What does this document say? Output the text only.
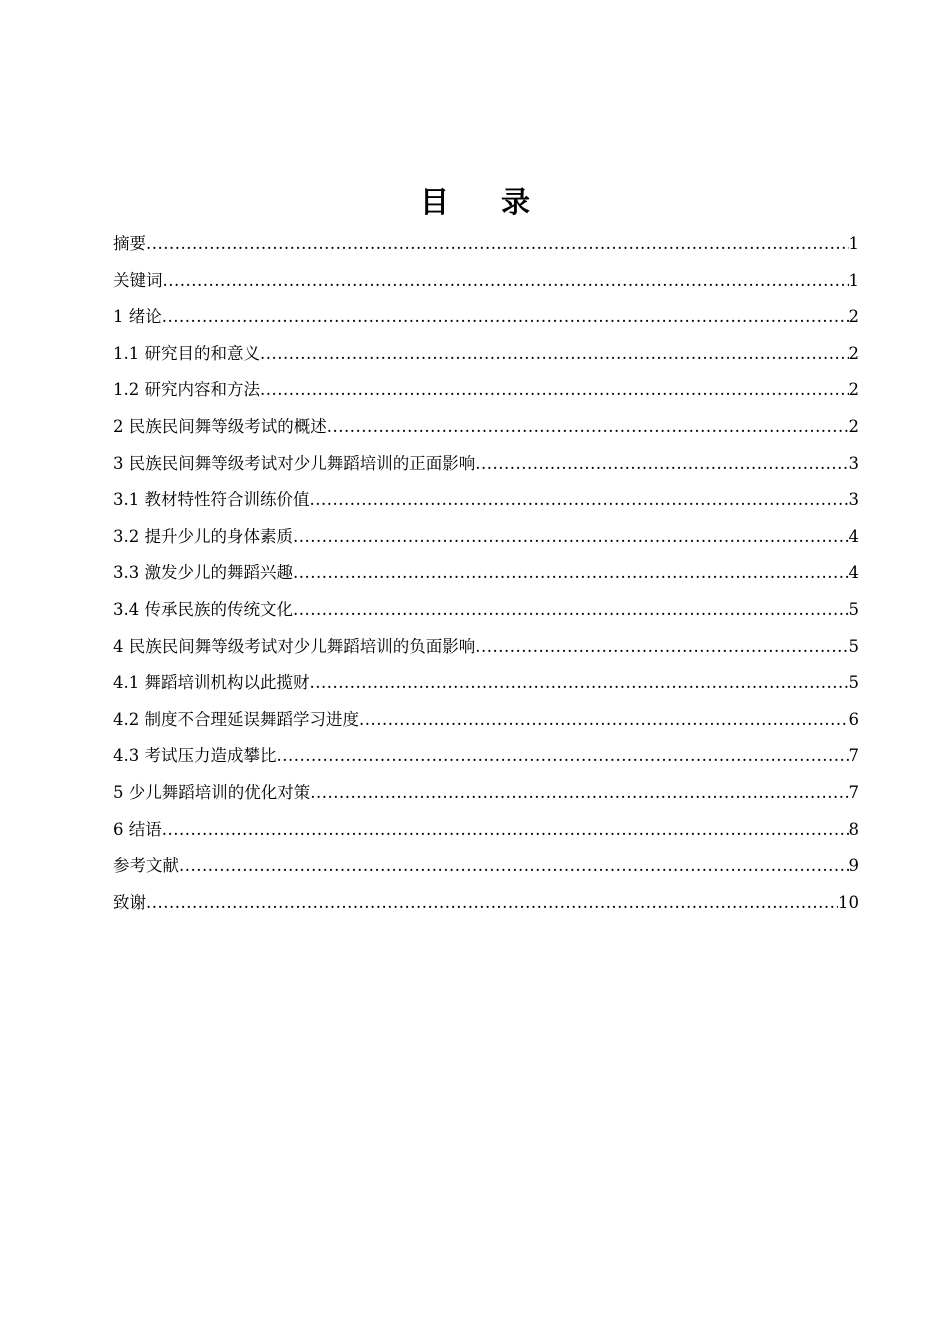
目 录
摘要 .....	1
关键词 .....	1
1 绪论 .....	2
1.1 研究目的和意义 .....	2
1.2 研究内容和方法 .....	2
2 民族民间舞等级考试的概述 .....	2
3 民族民间舞等级考试对少儿舞蹈培训的正面影响 .....	3
3.1 教材特性符合训练价值 .....	3
3.2 提升少儿的身体素质 .....	4
3.3 激发少儿的舞蹈兴趣 .....	4
3.4 传承民族的传统文化 .....	5
4 民族民间舞等级考试对少儿舞蹈培训的负面影响 .....	5
4.1 舞蹈培训机构以此揽财 .....	5
4.2 制度不合理延误舞蹈学习进度 .....	6
4.3 考试压力造成攀比 .....	7
5 少儿舞蹈培训的优化对策 .....	7
6 结语 .....	8
参考文献 .....	9
致谢 .....	10
